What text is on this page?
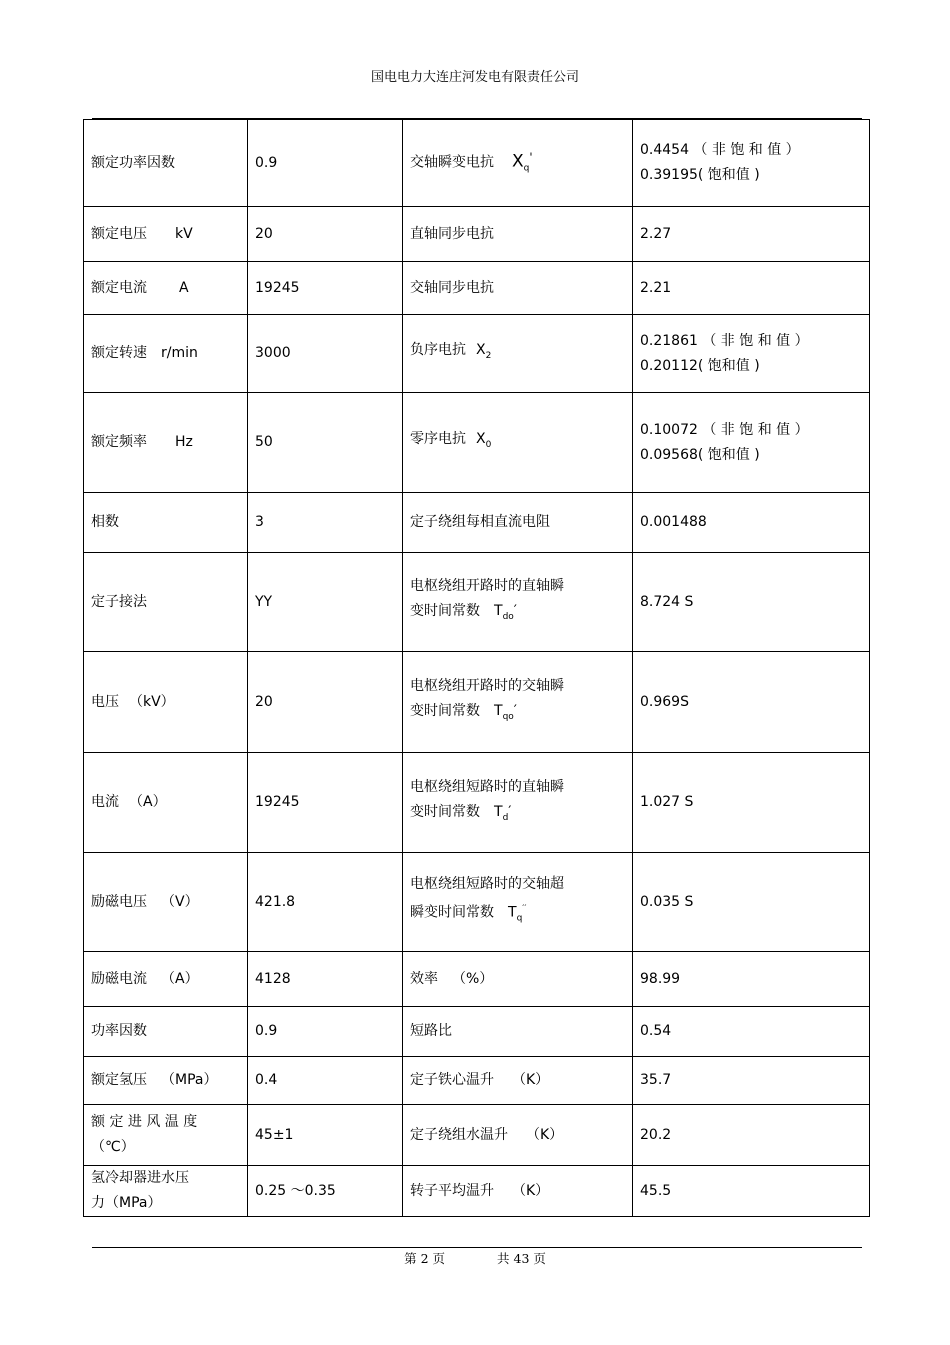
国电电力大连庄河发电有限责任公司
额定功率因数	0.9	交轴瞬变电抗 $X_q'$	0.4454 （ 非 饱 和 值 ）
0.39195( 饱和值 )

额定电压 kV	20	直轴同步电抗	2.27
额定电流 A	19245	交轴同步电抗	2.21
额定转速 r/min	3000	负序电抗 $X_2$	0.21861 （ 非 饱 和 值 ）
0.20112( 饱和值 )

额定频率 Hz	50	零序电抗 $X_0$	0.10072 （ 非 饱 和 值 ）
0.09568( 饱和值 )

相数	3	定子绕组每相直流电阻	0.001488
定子接法	YY	电枢绕组开路时的直轴瞬
变时间常数 $T_{do}'$	8.724 S
电压 （kV）	20	电枢绕组开路时的交轴瞬
变时间常数 $T_{qo}'$	0.969S
电流 （A）	19245	电枢绕组短路时的直轴瞬
变时间常数 $T_d'$	1.027 S
励磁电压 （V）	421.8	电枢绕组短路时的交轴超
瞬变时间常数 $T_q''$	0.035 S
励磁电流 （A）	4128	效率 （%）	98.99
功率因数	0.9	短路比	0.54
额定氢压 （MPa）	0.4	定子铁心温升 （K）	35.7

额 定 进 风 温 度
（℃）	45±1	定子绕组水温升 （K）	20.2

氢冷却器进水压
力（MPa）	0.25 ～0.35	转子平均温升 （K）	45.5
第 2 页	共 43 页
